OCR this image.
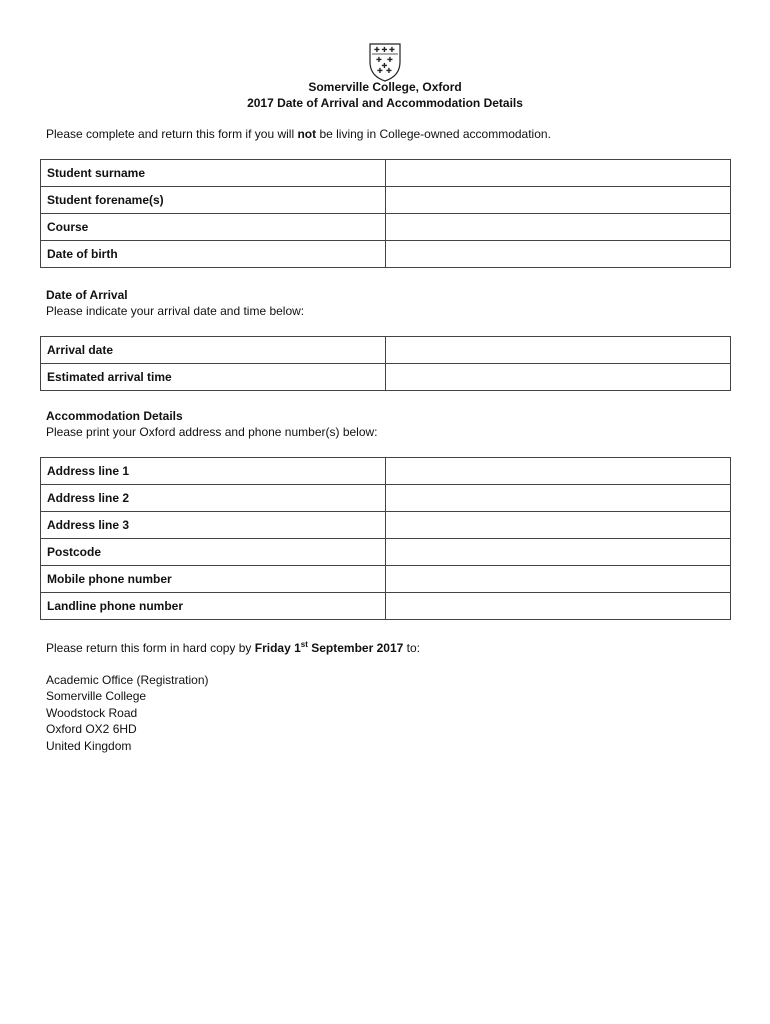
✚ ✚ ✚
✚ ✚
✚
✚ ✚
Somerville College, Oxford
2017 Date of Arrival and Accommodation Details
Please complete and return this form if you will not be living in College-owned accommodation.
Student surname	
Student forename(s)	
Course	
Date of birth	
Date of Arrival
Please indicate your arrival date and time below:
Arrival date	
Estimated arrival time	
Accommodation Details
Please print your Oxford address and phone number(s) below:
Address line 1	
Address line 2	
Address line 3	
Postcode	
Mobile phone number	
Landline phone number	
Please return this form in hard copy by Friday 1st September 2017 to:
Academic Office (Registration)
Somerville College
Woodstock Road
Oxford OX2 6HD
United Kingdom
